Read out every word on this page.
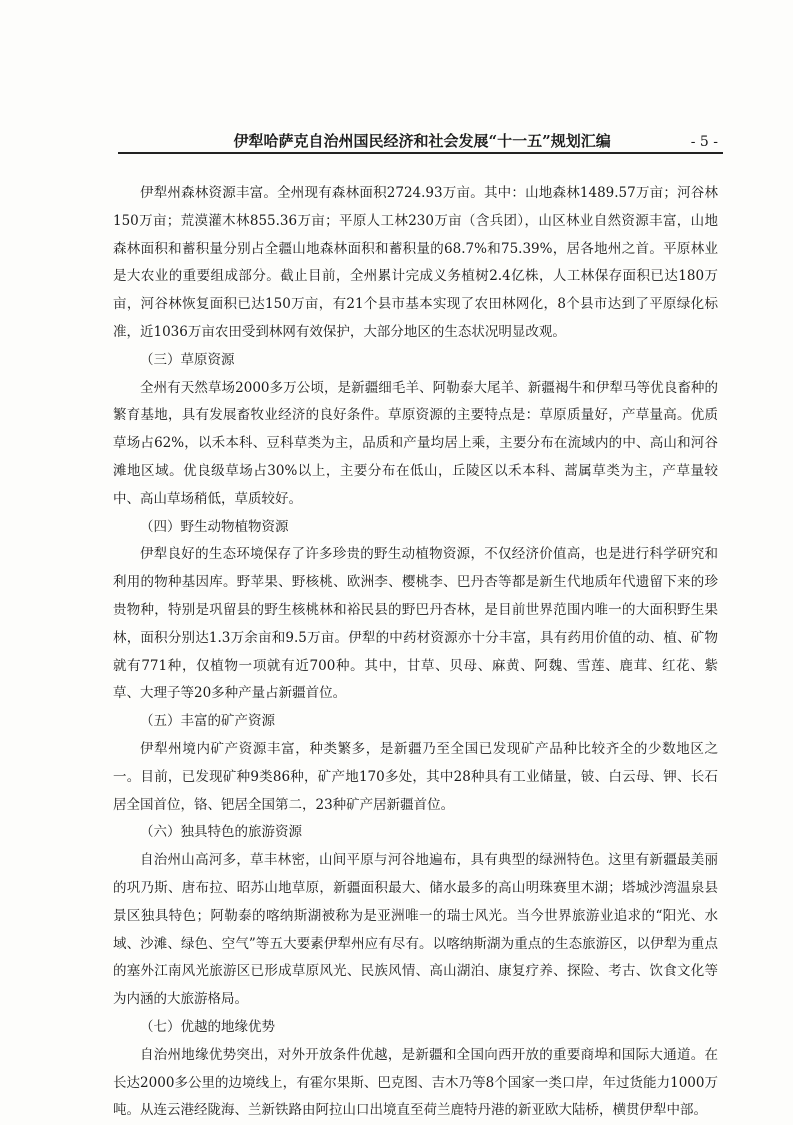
伊犁哈萨克自治州国民经济和社会发展“十一五”规划汇编	- 5 -

伊犁州森林资源丰富。全州现有森林面积2724.93万亩。其中：山地森林1489.57万亩；河谷林150万亩；荒漠灌木林855.36万亩；平原人工林230万亩（含兵团），山区林业自然资源丰富，山地森林面积和蓄积量分别占全疆山地森林面积和蓄积量的68.7%和75.39%，居各地州之首。平原林业是大农业的重要组成部分。截止目前，全州累计完成义务植树2.4亿株，人工林保存面积已达180万亩，河谷林恢复面积已达150万亩，有21个县市基本实现了农田林网化，8个县市达到了平原绿化标准，近1036万亩农田受到林网有效保护，大部分地区的生态状况明显改观。

（三）草原资源

全州有天然草场2000多万公顷，是新疆细毛羊、阿勒泰大尾羊、新疆褐牛和伊犁马等优良畜种的繁育基地，具有发展畜牧业经济的良好条件。草原资源的主要特点是：草原质量好，产草量高。优质草场占62%，以禾本科、豆科草类为主，品质和产量均居上乘，主要分布在流域内的中、高山和河谷滩地区域。优良级草场占30%以上，主要分布在低山，丘陵区以禾本科、蒿属草类为主，产草量较中、高山草场稍低，草质较好。

（四）野生动物植物资源

伊犁良好的生态环境保存了许多珍贵的野生动植物资源，不仅经济价值高，也是进行科学研究和利用的物种基因库。野苹果、野核桃、欧洲李、樱桃李、巴丹杏等都是新生代地质年代遗留下来的珍贵物种，特别是巩留县的野生核桃林和裕民县的野巴丹杏林，是目前世界范围内唯一的大面积野生果林，面积分别达1.3万余亩和9.5万亩。伊犁的中药材资源亦十分丰富，具有药用价值的动、植、矿物就有771种，仅植物一项就有近700种。其中，甘草、贝母、麻黄、阿魏、雪莲、鹿茸、红花、紫草、大理子等20多种产量占新疆首位。

（五）丰富的矿产资源

伊犁州境内矿产资源丰富，种类繁多，是新疆乃至全国已发现矿产品种比较齐全的少数地区之一。目前，已发现矿种9类86种，矿产地170多处，其中28种具有工业储量，铍、白云母、钾、长石居全国首位，铬、钯居全国第二，23种矿产居新疆首位。

（六）独具特色的旅游资源

自治州山高河多，草丰林密，山间平原与河谷地遍布，具有典型的绿洲特色。这里有新疆最美丽的巩乃斯、唐布拉、昭苏山地草原，新疆面积最大、储水最多的高山明珠赛里木湖；塔城沙湾温泉县景区独具特色；阿勒泰的喀纳斯湖被称为是亚洲唯一的瑞士风光。当今世界旅游业追求的“阳光、水域、沙滩、绿色、空气”等五大要素伊犁州应有尽有。以喀纳斯湖为重点的生态旅游区，以伊犁为重点的塞外江南风光旅游区已形成草原风光、民族风情、高山湖泊、康复疗养、探险、考古、饮食文化等为内涵的大旅游格局。

（七）优越的地缘优势

自治州地缘优势突出，对外开放条件优越，是新疆和全国向西开放的重要商埠和国际大通道。在长达2000多公里的边境线上，有霍尔果斯、巴克图、吉木乃等8个国家一类口岸，年过货能力1000万吨。从连云港经陇海、兰新铁路由阿拉山口出境直至荷兰鹿特丹港的新亚欧大陆桥，横贯伊犁中部。
